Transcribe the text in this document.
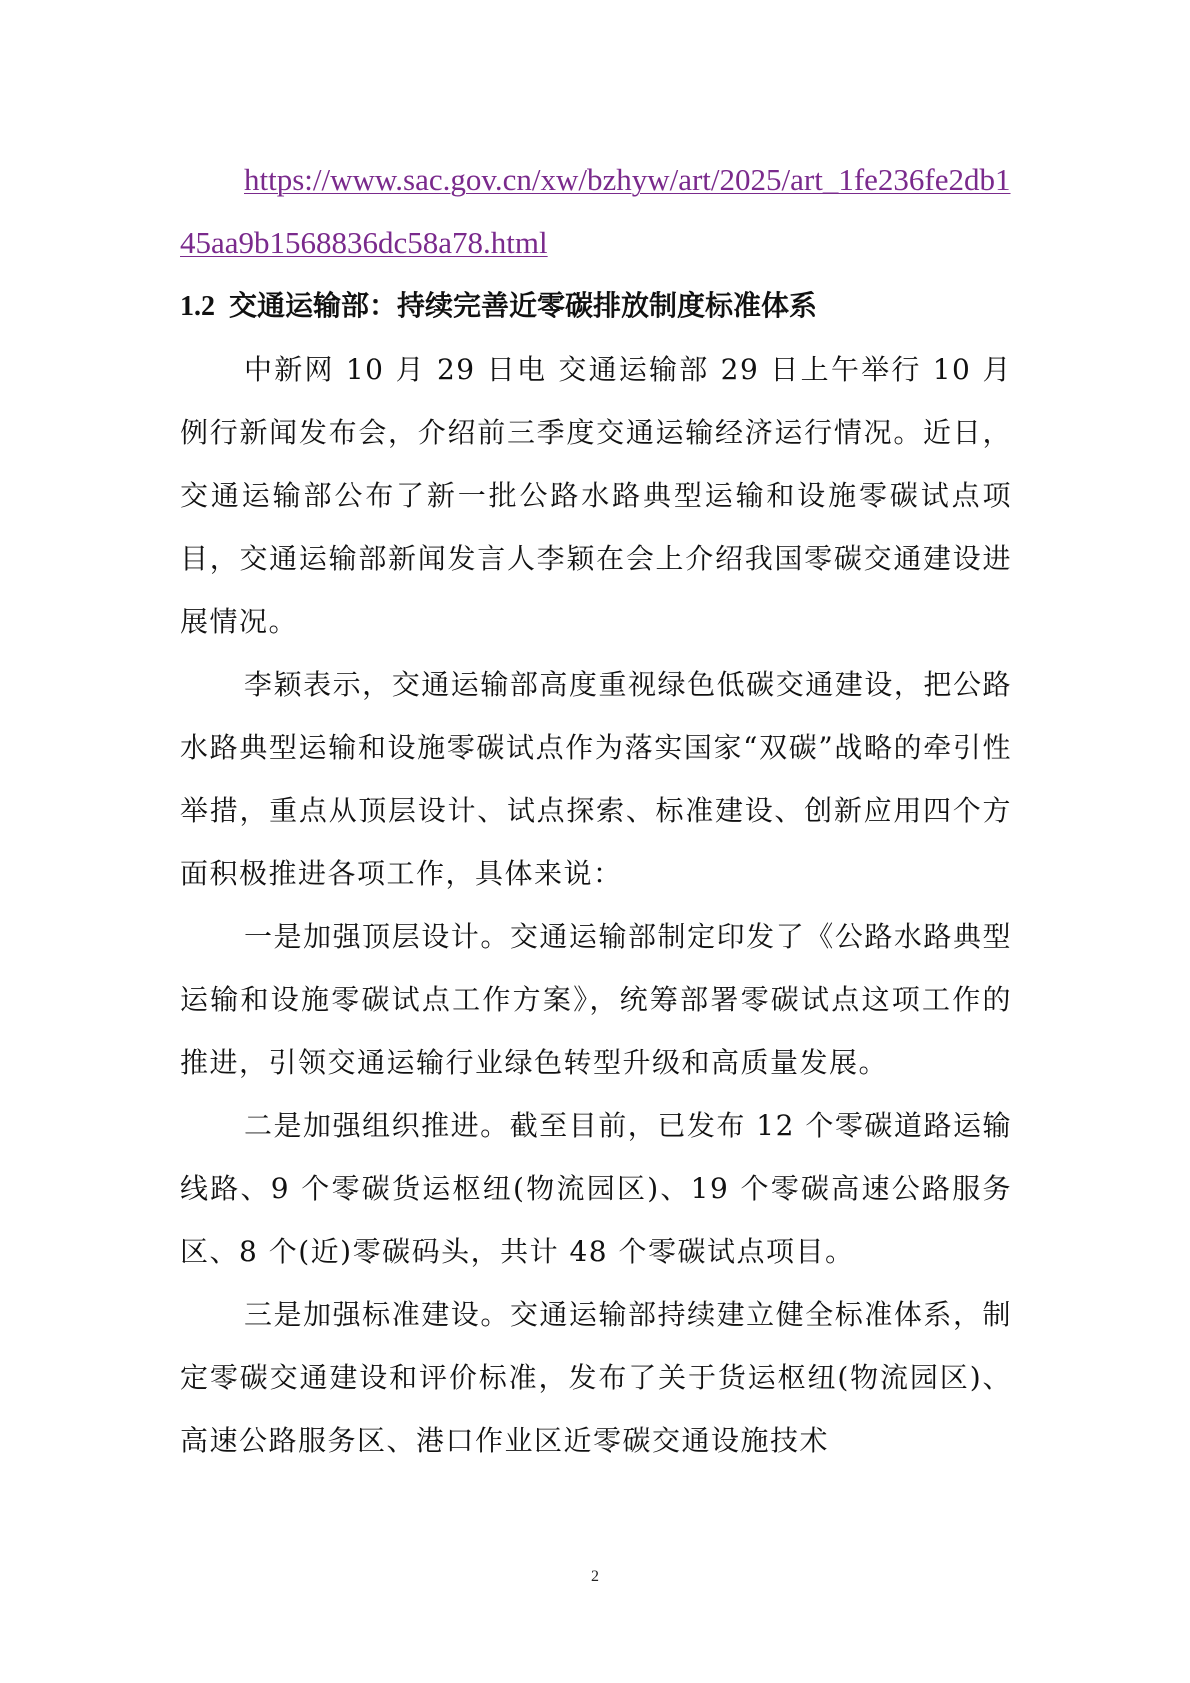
https://www.sac.gov.cn/xw/bzhyw/art/2025/art_1fe236fe2db145aa9b1568836dc58a78.html

1.2 交通运输部：持续完善近零碳排放制度标准体系

中新网 10 月 29 日电 交通运输部 29 日上午举行 10 月例行新闻发布会，介绍前三季度交通运输经济运行情况。近日，交通运输部公布了新一批公路水路典型运输和设施零碳试点项目，交通运输部新闻发言人李颖在会上介绍我国零碳交通建设进展情况。

李颖表示，交通运输部高度重视绿色低碳交通建设，把公路水路典型运输和设施零碳试点作为落实国家“双碳”战略的牵引性举措，重点从顶层设计、试点探索、标准建设、创新应用四个方面积极推进各项工作，具体来说：

一是加强顶层设计。交通运输部制定印发了《公路水路典型运输和设施零碳试点工作方案》，统筹部署零碳试点这项工作的推进，引领交通运输行业绿色转型升级和高质量发展。

二是加强组织推进。截至目前，已发布 12 个零碳道路运输线路、9 个零碳货运枢纽(物流园区)、19 个零碳高速公路服务区、8 个(近)零碳码头，共计 48 个零碳试点项目。

三是加强标准建设。交通运输部持续建立健全标准体系，制定零碳交通建设和评价标准，发布了关于货运枢纽(物流园区)、高速公路服务区、港口作业区近零碳交通设施技术

2
